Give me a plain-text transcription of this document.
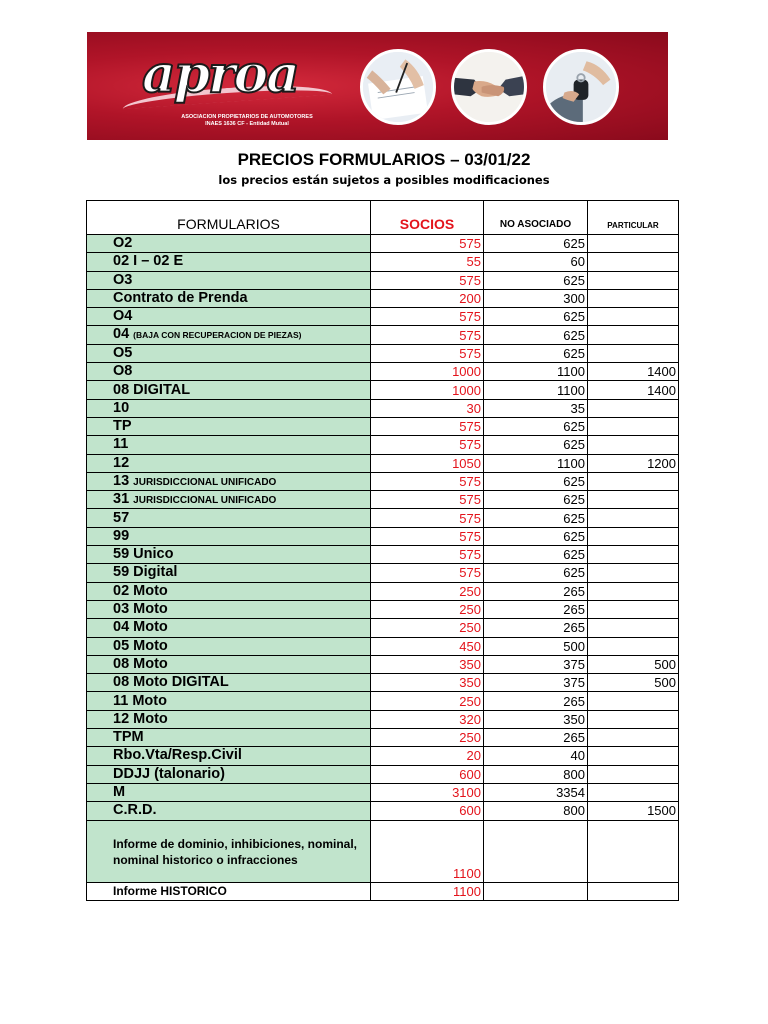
aproa
ASOCIACION PROPIETARIOS DE AUTOMOTORES
INAES 1636 CF - Entidad Mutual
PRECIOS FORMULARIOS – 03/01/22
los precios están sujetos a posibles modificaciones
FORMULARIOS	SOCIOS	NO ASOCIADO	PARTICULAR
O2	575	625	
02 I – 02 E	55	60	
O3	575	625	
Contrato de Prenda	200	300	
O4	575	625	
04 (BAJA CON RECUPERACION DE PIEZAS)	575	625	
O5	575	625	
O8	1000	1100	1400
08 DIGITAL	1000	1100	1400
10	30	35	
TP	575	625	
11	575	625	
12	1050	1100	1200
13 JURISDICCIONAL UNIFICADO	575	625	
31 JURISDICCIONAL UNIFICADO	575	625	
57	575	625	
99	575	625	
59 Unico	575	625	
59 Digital	575	625	
02 Moto	250	265	
03 Moto	250	265	
04 Moto	250	265	
05 Moto	450	500	
08 Moto	350	375	500
08 Moto DIGITAL	350	375	500
11 Moto	250	265	
12 Moto	320	350	
TPM	250	265	
Rbo.Vta/Resp.Civil	20	40	
DDJJ (talonario)	600	800	
M	3100	3354	
C.R.D.	600	800	1500
Informe de dominio, inhibiciones, nominal, nominal historico o infracciones	1100		
Informe HISTORICO	1100		
